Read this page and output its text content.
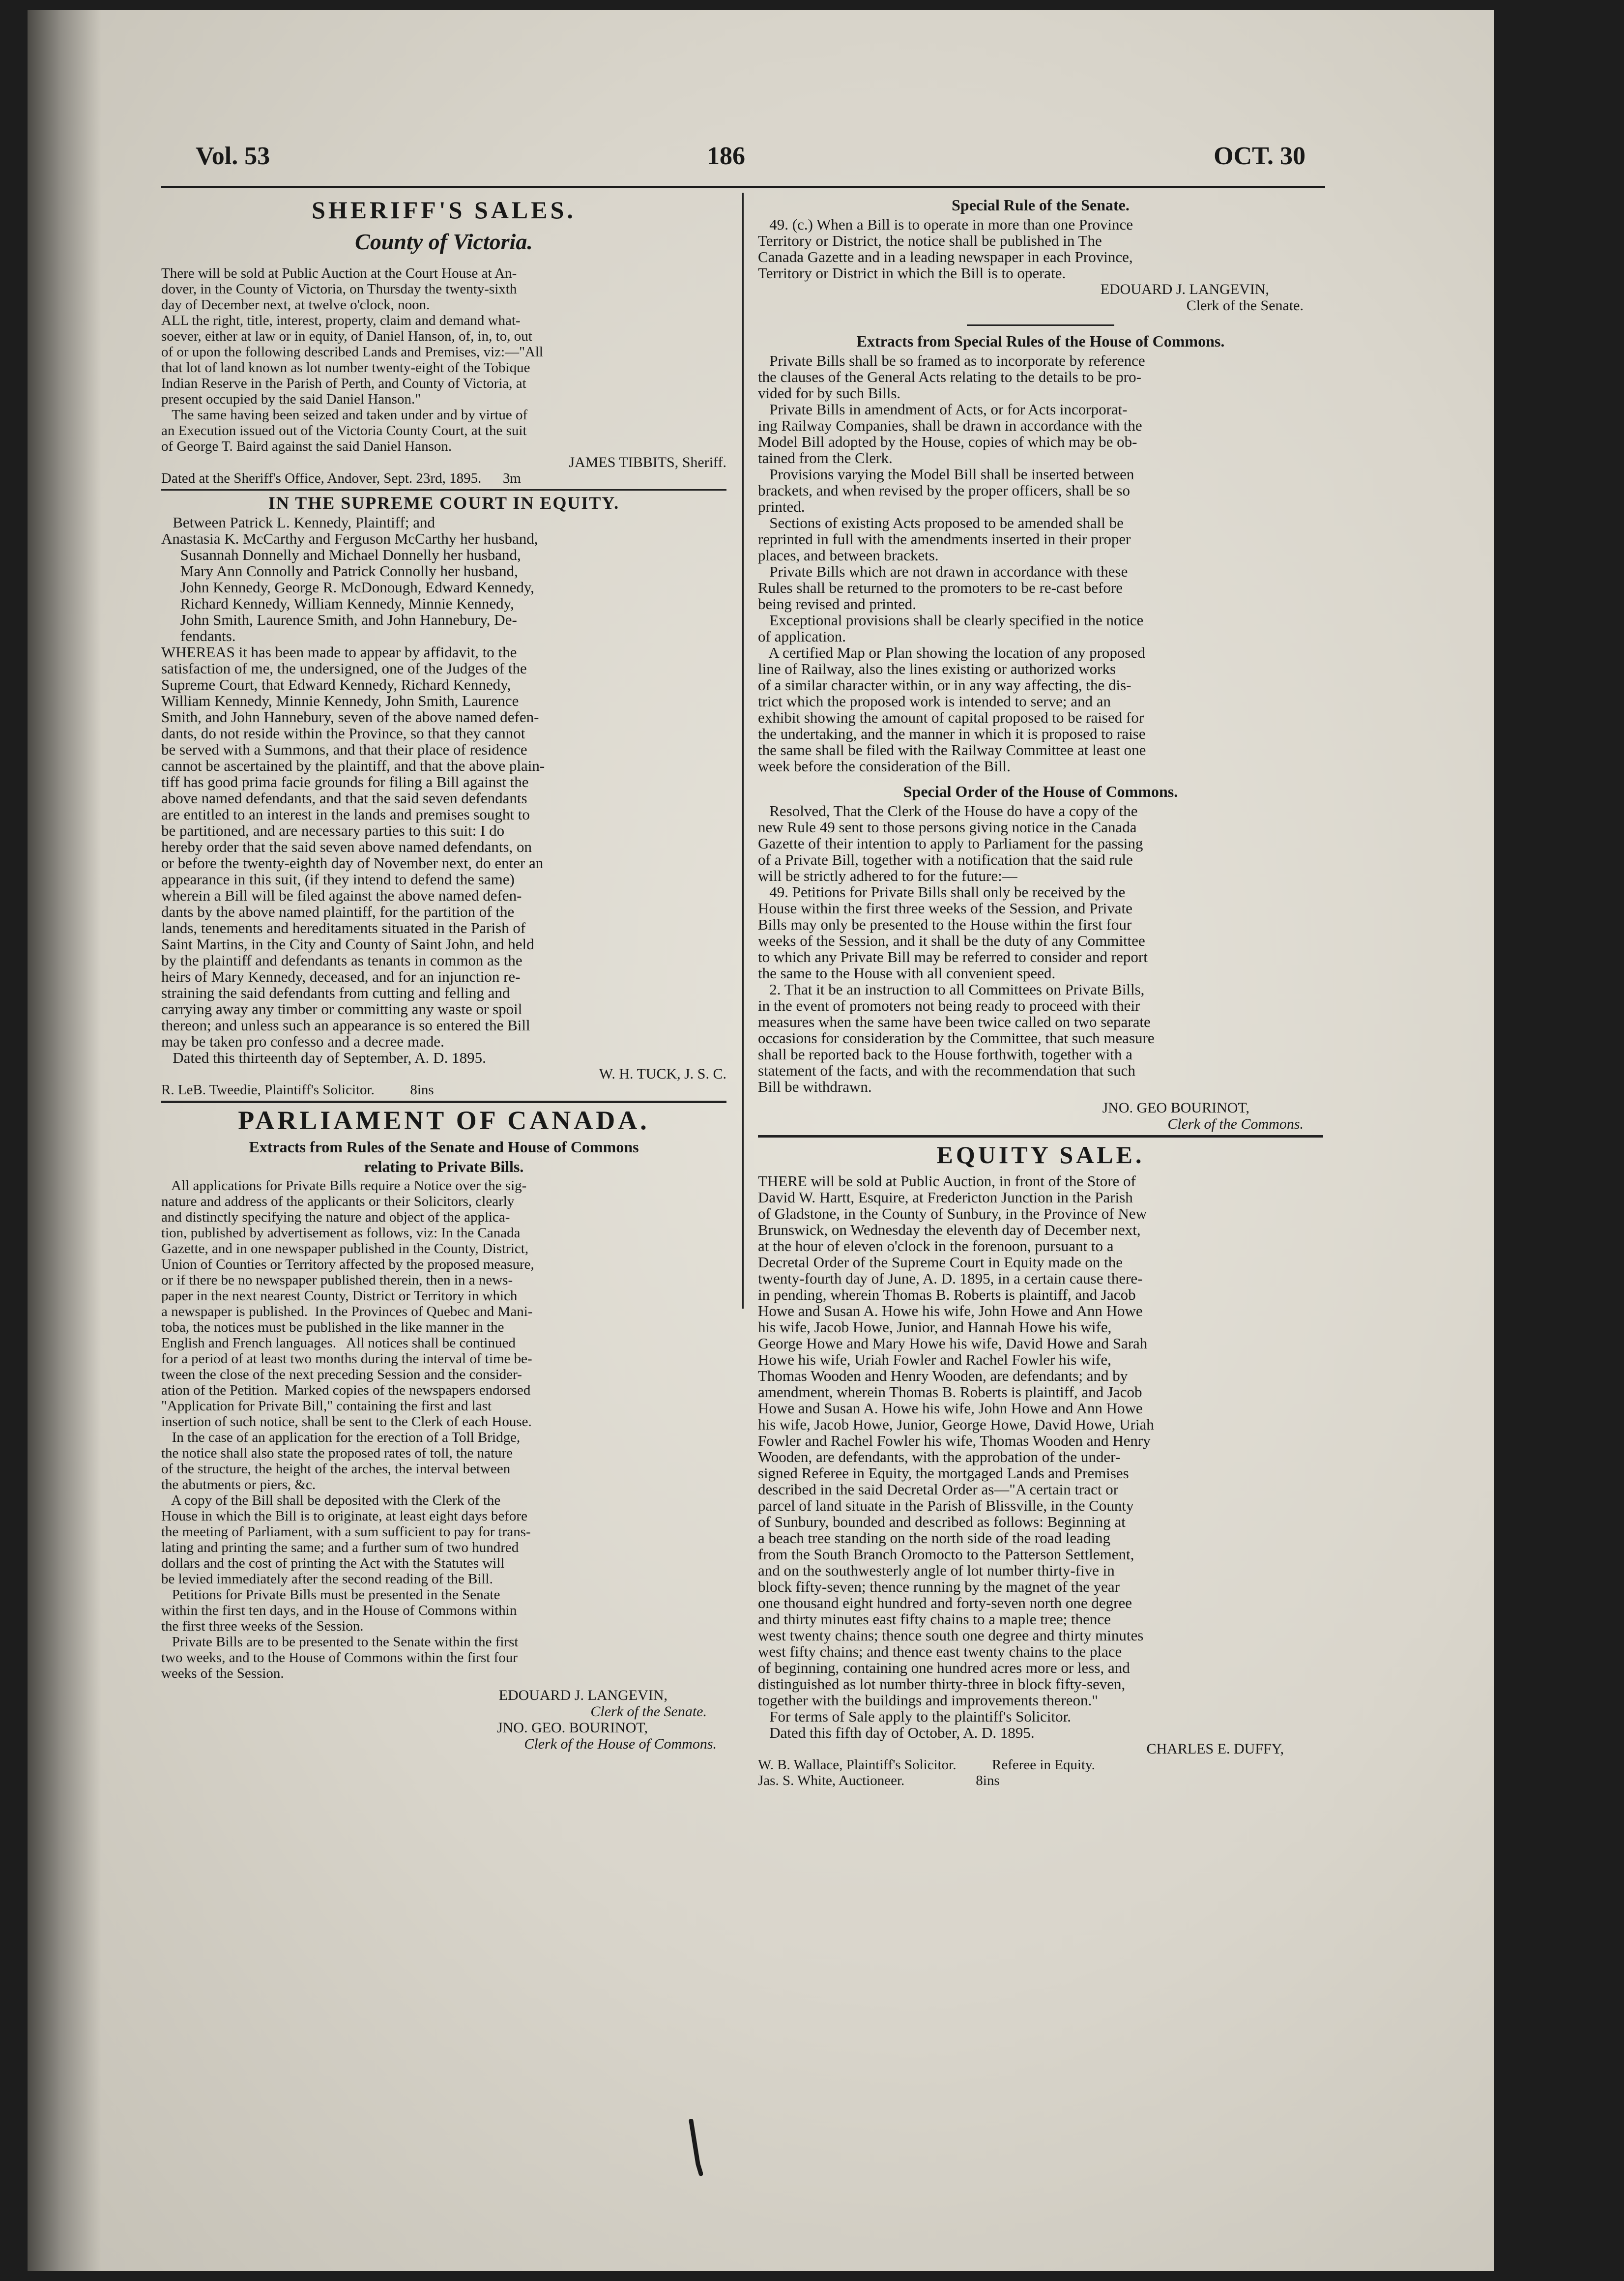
Vol. 53	186	OCT. 30

SHERIFF'S SALES.

County of Victoria.

There will be sold at Public Auction at the Court House at An-

dover, in the County of Victoria, on Thursday the twenty-sixth

day of December next, at twelve o'clock, noon.

ALL the right, title, interest, property, claim and demand what-

soever, either at law or in equity, of Daniel Hanson, of, in, to, out

of or upon the following described Lands and Premises, viz:—"All

that lot of land known as lot number twenty-eight of the Tobique

Indian Reserve in the Parish of Perth, and County of Victoria, at

present occupied by the said Daniel Hanson."

The same having been seized and taken under and by virtue of

an Execution issued out of the Victoria County Court, at the suit

of George T. Baird against the said Daniel Hanson.

JAMES TIBBITS, Sheriff.

Dated at the Sheriff's Office, Andover, Sept. 23rd, 1895.      3m

IN THE SUPREME COURT IN EQUITY.

Between Patrick L. Kennedy, Plaintiff; and

Anastasia K. McCarthy and Ferguson McCarthy her husband,

Susannah Donnelly and Michael Donnelly her husband,

Mary Ann Connolly and Patrick Connolly her husband,

John Kennedy, George R. McDonough, Edward Kennedy,

Richard Kennedy, William Kennedy, Minnie Kennedy,

John Smith, Laurence Smith, and John Hannebury, De-

fendants.

WHEREAS it has been made to appear by affidavit, to the

satisfaction of me, the undersigned, one of the Judges of the

Supreme Court, that Edward Kennedy, Richard Kennedy,

William Kennedy, Minnie Kennedy, John Smith, Laurence

Smith, and John Hannebury, seven of the above named defen-

dants, do not reside within the Province, so that they cannot

be served with a Summons, and that their place of residence

cannot be ascertained by the plaintiff, and that the above plain-

tiff has good prima facie grounds for filing a Bill against the

above named defendants, and that the said seven defendants

are entitled to an interest in the lands and premises sought to

be partitioned, and are necessary parties to this suit: I do

hereby order that the said seven above named defendants, on

or before the twenty-eighth day of November next, do enter an

appearance in this suit, (if they intend to defend the same)

wherein a Bill will be filed against the above named defen-

dants by the above named plaintiff, for the partition of the

lands, tenements and hereditaments situated in the Parish of

Saint Martins, in the City and County of Saint John, and held

by the plaintiff and defendants as tenants in common as the

heirs of Mary Kennedy, deceased, and for an injunction re-

straining the said defendants from cutting and felling and

carrying away any timber or committing any waste or spoil

thereon; and unless such an appearance is so entered the Bill

may be taken pro confesso and a decree made.

Dated this thirteenth day of September, A. D. 1895.

W. H. TUCK, J. S. C.

R. LeB. Tweedie, Plaintiff's Solicitor.          8ins

PARLIAMENT OF CANADA.

Extracts from Rules of the Senate and House of Commons

relating to Private Bills.

All applications for Private Bills require a Notice over the sig-

nature and address of the applicants or their Solicitors, clearly

and distinctly specifying the nature and object of the applica-

tion, published by advertisement as follows, viz: In the Canada

Gazette, and in one newspaper published in the County, District,

Union of Counties or Territory affected by the proposed measure,

or if there be no newspaper published therein, then in a news-

paper in the next nearest County, District or Territory in which

a newspaper is published.  In the Provinces of Quebec and Mani-

toba, the notices must be published in the like manner in the

English and French languages.   All notices shall be continued

for a period of at least two months during the interval of time be-

tween the close of the next preceding Session and the consider-

ation of the Petition.  Marked copies of the newspapers endorsed

"Application for Private Bill," containing the first and last

insertion of such notice, shall be sent to the Clerk of each House.

In the case of an application for the erection of a Toll Bridge,

the notice shall also state the proposed rates of toll, the nature

of the structure, the height of the arches, the interval between

the abutments or piers, &c.

A copy of the Bill shall be deposited with the Clerk of the

House in which the Bill is to originate, at least eight days before

the meeting of Parliament, with a sum sufficient to pay for trans-

lating and printing the same; and a further sum of two hundred

dollars and the cost of printing the Act with the Statutes will

be levied immediately after the second reading of the Bill.

Petitions for Private Bills must be presented in the Senate

within the first ten days, and in the House of Commons within

the first three weeks of the Session.

Private Bills are to be presented to the Senate within the first

two weeks, and to the House of Commons within the first four

weeks of the Session.

EDOUARD J. LANGEVIN,

Clerk of the Senate.

JNO. GEO. BOURINOT,

Clerk of the House of Commons.

Special Rule of the Senate.

49. (c.) When a Bill is to operate in more than one Province

Territory or District, the notice shall be published in The

Canada Gazette and in a leading newspaper in each Province,

Territory or District in which the Bill is to operate.

EDOUARD J. LANGEVIN,

Clerk of the Senate.

Extracts from Special Rules of the House of Commons.

Private Bills shall be so framed as to incorporate by reference

the clauses of the General Acts relating to the details to be pro-

vided for by such Bills.

Private Bills in amendment of Acts, or for Acts incorporat-

ing Railway Companies, shall be drawn in accordance with the

Model Bill adopted by the House, copies of which may be ob-

tained from the Clerk.

Provisions varying the Model Bill shall be inserted between

brackets, and when revised by the proper officers, shall be so

printed.

Sections of existing Acts proposed to be amended shall be

reprinted in full with the amendments inserted in their proper

places, and between brackets.

Private Bills which are not drawn in accordance with these

Rules shall be returned to the promoters to be re-cast before

being revised and printed.

Exceptional provisions shall be clearly specified in the notice

of application.

A certified Map or Plan showing the location of any proposed

line of Railway, also the lines existing or authorized works

of a similar character within, or in any way affecting, the dis-

trict which the proposed work is intended to serve; and an

exhibit showing the amount of capital proposed to be raised for

the undertaking, and the manner in which it is proposed to raise

the same shall be filed with the Railway Committee at least one

week before the consideration of the Bill.

Special Order of the House of Commons.

Resolved, That the Clerk of the House do have a copy of the

new Rule 49 sent to those persons giving notice in the Canada

Gazette of their intention to apply to Parliament for the passing

of a Private Bill, together with a notification that the said rule

will be strictly adhered to for the future:—

49. Petitions for Private Bills shall only be received by the

House within the first three weeks of the Session, and Private

Bills may only be presented to the House within the first four

weeks of the Session, and it shall be the duty of any Committee

to which any Private Bill may be referred to consider and report

the same to the House with all convenient speed.

2. That it be an instruction to all Committees on Private Bills,

in the event of promoters not being ready to proceed with their

measures when the same have been twice called on two separate

occasions for consideration by the Committee, that such measure

shall be reported back to the House forthwith, together with a

statement of the facts, and with the recommendation that such

Bill be withdrawn.

JNO. GEO BOURINOT,

Clerk of the Commons.

EQUITY SALE.

THERE will be sold at Public Auction, in front of the Store of

David W. Hartt, Esquire, at Fredericton Junction in the Parish

of Gladstone, in the County of Sunbury, in the Province of New

Brunswick, on Wednesday the eleventh day of December next,

at the hour of eleven o'clock in the forenoon, pursuant to a

Decretal Order of the Supreme Court in Equity made on the

twenty-fourth day of June, A. D. 1895, in a certain cause there-

in pending, wherein Thomas B. Roberts is plaintiff, and Jacob

Howe and Susan A. Howe his wife, John Howe and Ann Howe

his wife, Jacob Howe, Junior, and Hannah Howe his wife,

George Howe and Mary Howe his wife, David Howe and Sarah

Howe his wife, Uriah Fowler and Rachel Fowler his wife,

Thomas Wooden and Henry Wooden, are defendants; and by

amendment, wherein Thomas B. Roberts is plaintiff, and Jacob

Howe and Susan A. Howe his wife, John Howe and Ann Howe

his wife, Jacob Howe, Junior, George Howe, David Howe, Uriah

Fowler and Rachel Fowler his wife, Thomas Wooden and Henry

Wooden, are defendants, with the approbation of the under-

signed Referee in Equity, the mortgaged Lands and Premises

described in the said Decretal Order as—"A certain tract or

parcel of land situate in the Parish of Blissville, in the County

of Sunbury, bounded and described as follows: Beginning at

a beach tree standing on the north side of the road leading

from the South Branch Oromocto to the Patterson Settlement,

and on the southwesterly angle of lot number thirty-five in

block fifty-seven; thence running by the magnet of the year

one thousand eight hundred and forty-seven north one degree

and thirty minutes east fifty chains to a maple tree; thence

west twenty chains; thence south one degree and thirty minutes

west fifty chains; and thence east twenty chains to the place

of beginning, containing one hundred acres more or less, and

distinguished as lot number thirty-three in block fifty-seven,

together with the buildings and improvements thereon."

For terms of Sale apply to the plaintiff's Solicitor.

Dated this fifth day of October, A. D. 1895.

CHARLES E. DUFFY,

W. B. Wallace, Plaintiff's Solicitor.          Referee in Equity.

Jas. S. White, Auctioneer.                    8ins
